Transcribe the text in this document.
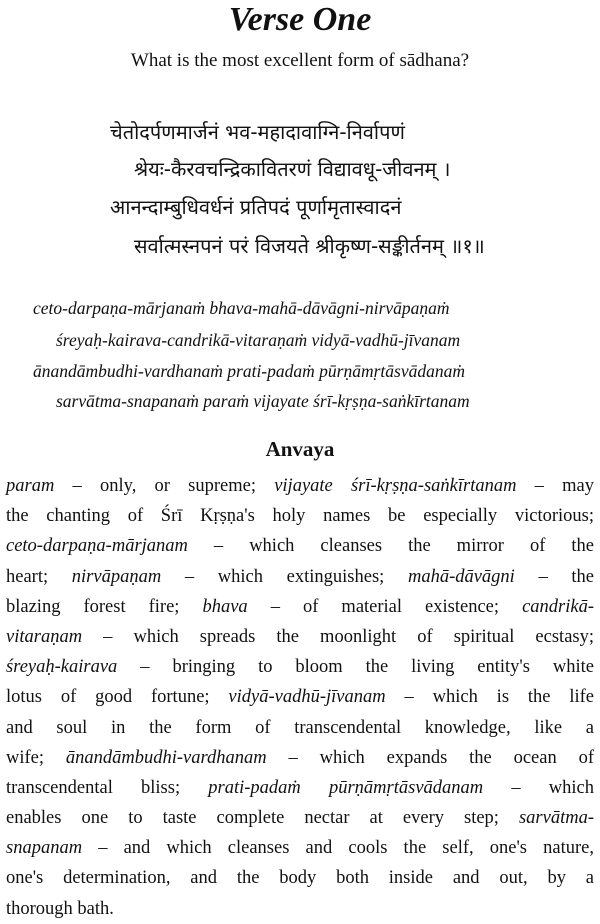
Verse One
What is the most excellent form of sādhana?
चेतोदर्पणमार्जनं भव-महादावाग्नि-निर्वापणं
श्रेयः-कैरवचन्द्रिकावितरणं विद्यावधू-जीवनम् ।
आनन्दाम्बुधिवर्धनं प्रतिपदं पूर्णामृतास्वादनं
सर्वात्मस्नपनं परं विजयते श्रीकृष्ण-सङ्कीर्तनम् ॥१॥
ceto-darpaṇa-mārjanaṁ bhava-mahā-dāvāgni-nirvāpaṇaṁ
śreyaḥ-kairava-candrikā-vitaraṇaṁ vidyā-vadhū-jīvanam
ānandāmbudhi-vardhanaṁ prati-padaṁ pūrṇāmṛtāsvādanaṁ
sarvātma-snapanaṁ paraṁ vijayate śrī-kṛṣṇa-saṅkīrtanam
Anvaya
param – only, or supreme; vijayate śrī-kṛṣṇa-saṅkīrtanam – may
the chanting of Śrī Kṛṣṇa's holy names be especially victorious;
ceto-darpaṇa-mārjanam – which cleanses the mirror of the
heart; nirvāpaṇam – which extinguishes; mahā-dāvāgni – the
blazing forest fire; bhava – of material existence; candrikā-
vitaraṇam – which spreads the moonlight of spiritual ecstasy;
śreyaḥ-kairava – bringing to bloom the living entity's white
lotus of good fortune; vidyā-vadhū-jīvanam – which is the life
and soul in the form of transcendental knowledge, like a
wife; ānandāmbudhi-vardhanam – which expands the ocean of
transcendental bliss; prati-padaṁ pūrṇāmṛtāsvādanam – which
enables one to taste complete nectar at every step; sarvātma-
snapanam – and which cleanses and cools the self, one's nature,
one's determination, and the body both inside and out, by a
thorough bath.
